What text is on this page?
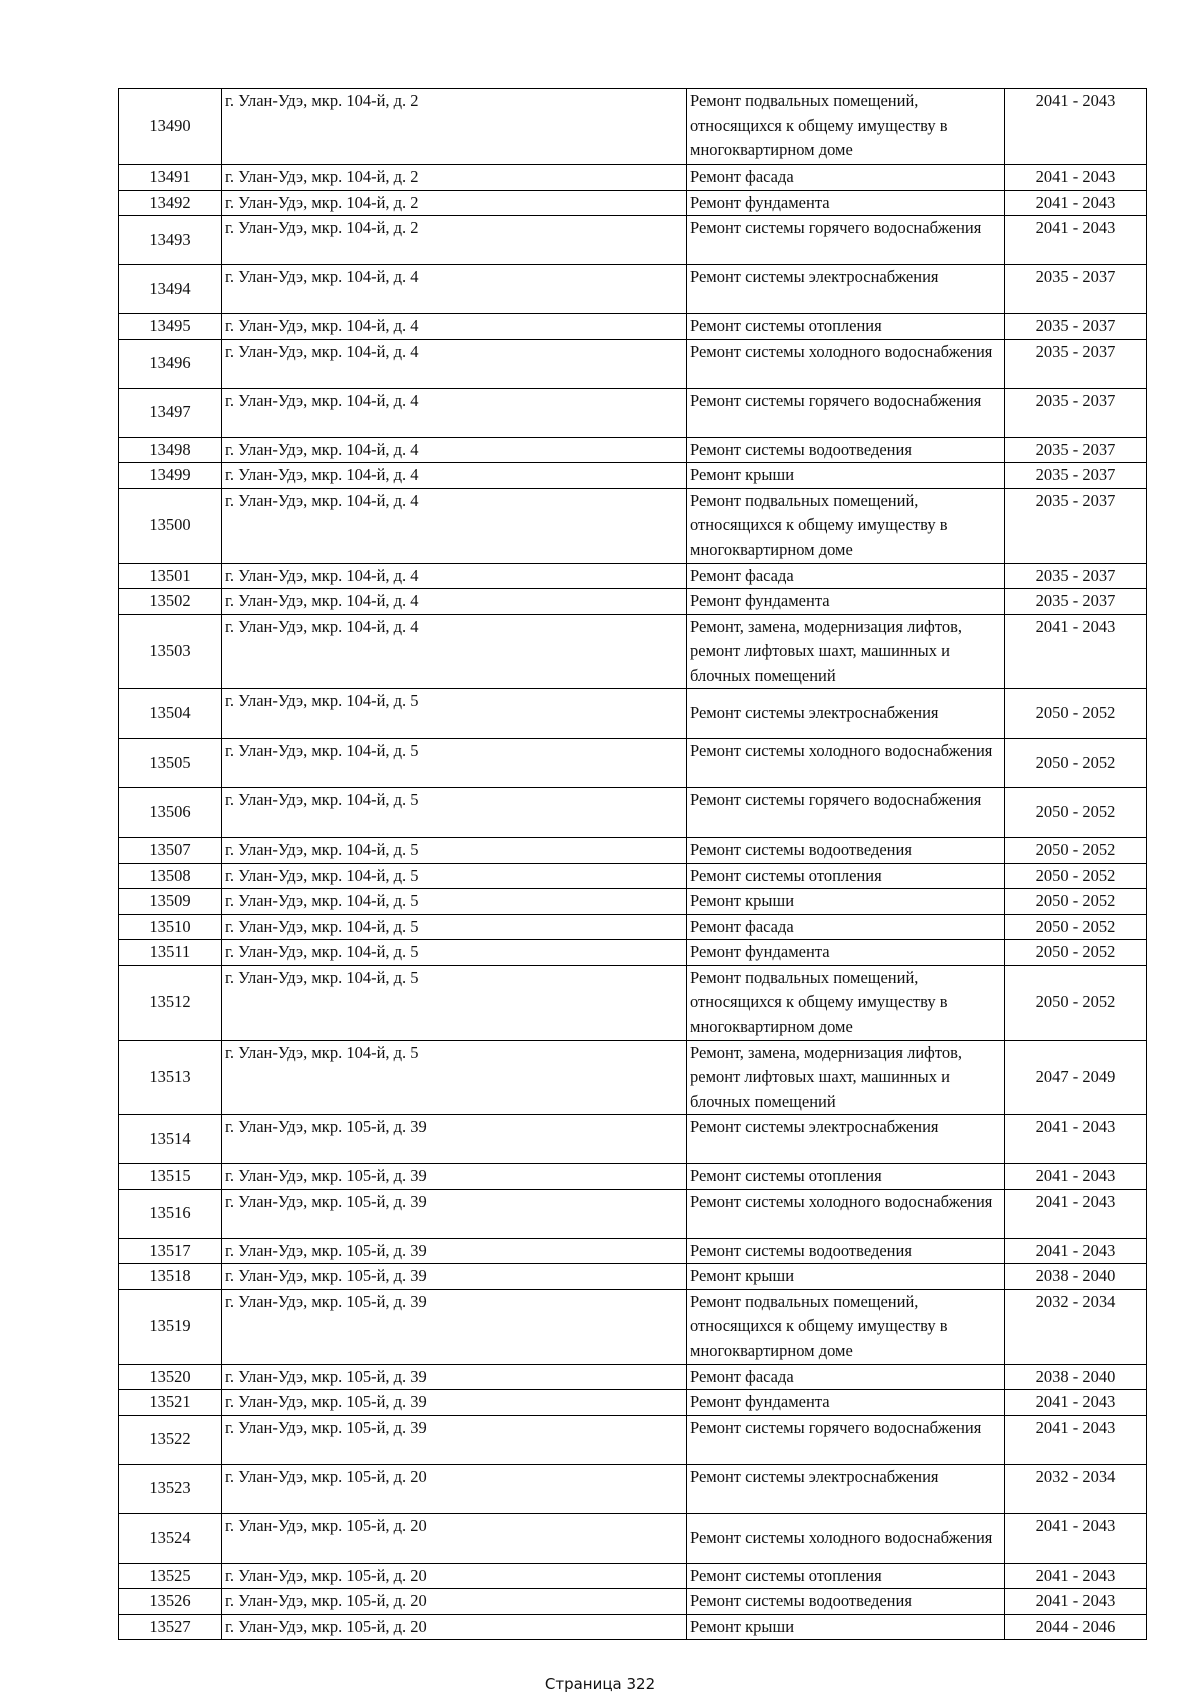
13490	г. Улан-Удэ, мкр. 104-й, д. 2	Ремонт подвальных помещений, относящихся к общему имуществу в многоквартирном доме	2041 - 2043
13491	г. Улан-Удэ, мкр. 104-й, д. 2	Ремонт фасада	2041 - 2043
13492	г. Улан-Удэ, мкр. 104-й, д. 2	Ремонт фундамента	2041 - 2043
13493	г. Улан-Удэ, мкр. 104-й, д. 2	Ремонт системы горячего водоснабжения	2041 - 2043
13494	г. Улан-Удэ, мкр. 104-й, д. 4	Ремонт системы электроснабжения	2035 - 2037
13495	г. Улан-Удэ, мкр. 104-й, д. 4	Ремонт системы отопления	2035 - 2037
13496	г. Улан-Удэ, мкр. 104-й, д. 4	Ремонт системы холодного водоснабжения	2035 - 2037
13497	г. Улан-Удэ, мкр. 104-й, д. 4	Ремонт системы горячего водоснабжения	2035 - 2037
13498	г. Улан-Удэ, мкр. 104-й, д. 4	Ремонт системы водоотведения	2035 - 2037
13499	г. Улан-Удэ, мкр. 104-й, д. 4	Ремонт крыши	2035 - 2037
13500	г. Улан-Удэ, мкр. 104-й, д. 4	Ремонт подвальных помещений, относящихся к общему имуществу в многоквартирном доме	2035 - 2037
13501	г. Улан-Удэ, мкр. 104-й, д. 4	Ремонт фасада	2035 - 2037
13502	г. Улан-Удэ, мкр. 104-й, д. 4	Ремонт фундамента	2035 - 2037
13503	г. Улан-Удэ, мкр. 104-й, д. 4	Ремонт, замена, модернизация лифтов, ремонт лифтовых шахт, машинных и блочных помещений	2041 - 2043
13504	г. Улан-Удэ, мкр. 104-й, д. 5	Ремонт системы электроснабжения	2050 - 2052
13505	г. Улан-Удэ, мкр. 104-й, д. 5	Ремонт системы холодного водоснабжения	2050 - 2052
13506	г. Улан-Удэ, мкр. 104-й, д. 5	Ремонт системы горячего водоснабжения	2050 - 2052
13507	г. Улан-Удэ, мкр. 104-й, д. 5	Ремонт системы водоотведения	2050 - 2052
13508	г. Улан-Удэ, мкр. 104-й, д. 5	Ремонт системы отопления	2050 - 2052
13509	г. Улан-Удэ, мкр. 104-й, д. 5	Ремонт крыши	2050 - 2052
13510	г. Улан-Удэ, мкр. 104-й, д. 5	Ремонт фасада	2050 - 2052
13511	г. Улан-Удэ, мкр. 104-й, д. 5	Ремонт фундамента	2050 - 2052
13512	г. Улан-Удэ, мкр. 104-й, д. 5	Ремонт подвальных помещений, относящихся к общему имуществу в многоквартирном доме	2050 - 2052
13513	г. Улан-Удэ, мкр. 104-й, д. 5	Ремонт, замена, модернизация лифтов, ремонт лифтовых шахт, машинных и блочных помещений	2047 - 2049
13514	г. Улан-Удэ, мкр. 105-й, д. 39	Ремонт системы электроснабжения	2041 - 2043
13515	г. Улан-Удэ, мкр. 105-й, д. 39	Ремонт системы отопления	2041 - 2043
13516	г. Улан-Удэ, мкр. 105-й, д. 39	Ремонт системы холодного водоснабжения	2041 - 2043
13517	г. Улан-Удэ, мкр. 105-й, д. 39	Ремонт системы водоотведения	2041 - 2043
13518	г. Улан-Удэ, мкр. 105-й, д. 39	Ремонт крыши	2038 - 2040
13519	г. Улан-Удэ, мкр. 105-й, д. 39	Ремонт подвальных помещений, относящихся к общему имуществу в многоквартирном доме	2032 - 2034
13520	г. Улан-Удэ, мкр. 105-й, д. 39	Ремонт фасада	2038 - 2040
13521	г. Улан-Удэ, мкр. 105-й, д. 39	Ремонт фундамента	2041 - 2043
13522	г. Улан-Удэ, мкр. 105-й, д. 39	Ремонт системы горячего водоснабжения	2041 - 2043
13523	г. Улан-Удэ, мкр. 105-й, д. 20	Ремонт системы электроснабжения	2032 - 2034
13524	г. Улан-Удэ, мкр. 105-й, д. 20	Ремонт системы холодного водоснабжения	2041 - 2043
13525	г. Улан-Удэ, мкр. 105-й, д. 20	Ремонт системы отопления	2041 - 2043
13526	г. Улан-Удэ, мкр. 105-й, д. 20	Ремонт системы водоотведения	2041 - 2043
13527	г. Улан-Удэ, мкр. 105-й, д. 20	Ремонт крыши	2044 - 2046
Страница 322
